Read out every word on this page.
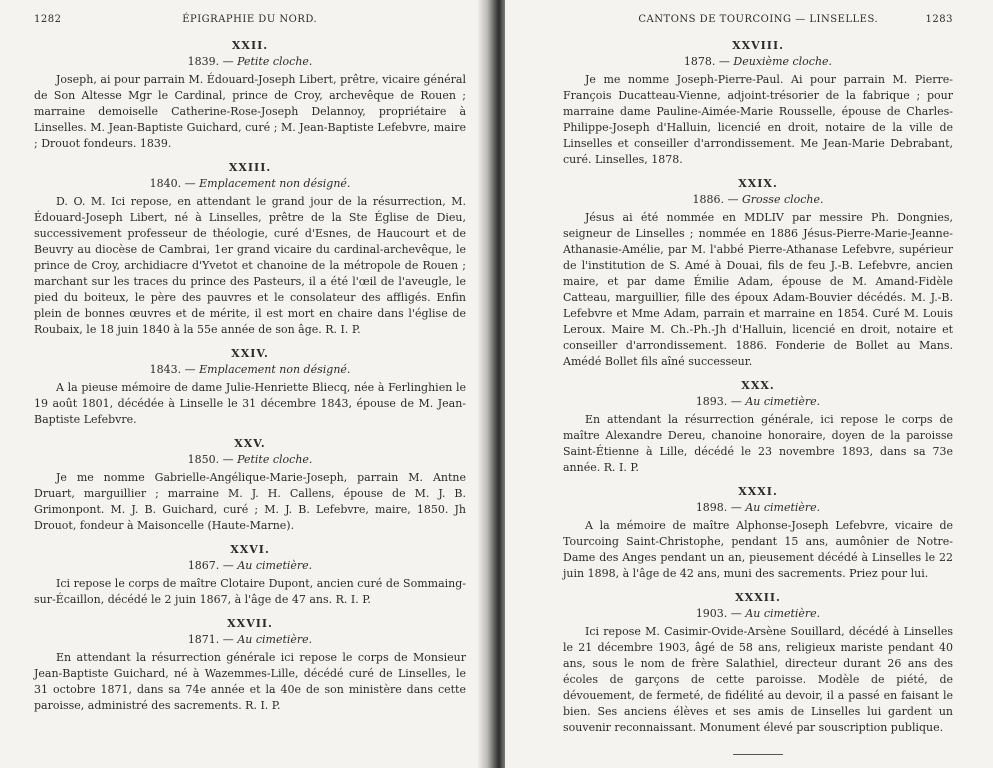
1282	ÉPIGRAPHIE DU NORD.
XXII.
1839. — Petite cloche.

Joseph, ai pour parrain M. Édouard-Joseph Libert, prêtre, vicaire général de Son Altesse Mgr le Cardinal, prince de Croy, archevêque de Rouen ; marraine demoiselle Catherine-Rose-Joseph Delannoy, propriétaire à Linselles. M. Jean-Baptiste Guichard, curé ; M. Jean-Baptiste Lefebvre, maire ; Drouot fondeurs. 1839.

XXIII.
1840. — Emplacement non désigné.

D. O. M. Ici repose, en attendant le grand jour de la résurrection, M. Édouard-Joseph Libert, né à Linselles, prêtre de la Ste Église de Dieu, successivement professeur de théologie, curé d'Esnes, de Haucourt et de Beuvry au diocèse de Cambrai, 1er grand vicaire du cardinal-archevêque, le prince de Croy, archidiacre d'Yvetot et chanoine de la métropole de Rouen ; marchant sur les traces du prince des Pasteurs, il a été l'œil de l'aveugle, le pied du boiteux, le père des pauvres et le consolateur des affligés. Enfin plein de bonnes œuvres et de mérite, il est mort en chaire dans l'église de Roubaix, le 18 juin 1840 à la 55e année de son âge. R. I. P.

XXIV.
1843. — Emplacement non désigné.

A la pieuse mémoire de dame Julie-Henriette Bliecq, née à Ferlinghien le 19 août 1801, décédée à Linselle le 31 décembre 1843, épouse de M. Jean-Baptiste Lefebvre.

XXV.
1850. — Petite cloche.

Je me nomme Gabrielle-Angélique-Marie-Joseph, parrain M. Antne Druart, marguillier ; marraine M. J. H. Callens, épouse de M. J. B. Grimonpont. M. J. B. Guichard, curé ; M. J. B. Lefebvre, maire, 1850. Jh Drouot, fondeur à Maisoncelle (Haute-Marne).

XXVI.
1867. — Au cimetière.

Ici repose le corps de maître Clotaire Dupont, ancien curé de Sommaing-sur-Écaillon, décédé le 2 juin 1867, à l'âge de 47 ans. R. I. P.

XXVII.
1871. — Au cimetière.

En attendant la résurrection générale ici repose le corps de Monsieur Jean-Baptiste Guichard, né à Wazemmes-Lille, décédé curé de Linselles, le 31 octobre 1871, dans sa 74e année et la 40e de son ministère dans cette paroisse, administré des sacrements. R. I. P.

CANTONS DE TOURCOING — LINSELLES.	1283
XXVIII.
1878. — Deuxième cloche.

Je me nomme Joseph-Pierre-Paul. Ai pour parrain M. Pierre-François Ducatteau-Vienne, adjoint-trésorier de la fabrique ; pour marraine dame Pauline-Aimée-Marie Rousselle, épouse de Charles-Philippe-Joseph d'Halluin, licencié en droit, notaire de la ville de Linselles et conseiller d'arrondissement. Me Jean-Marie Debrabant, curé. Linselles, 1878.

XXIX.
1886. — Grosse cloche.

Jésus ai été nommée en MDLIV par messire Ph. Dongnies, seigneur de Linselles ; nommée en 1886 Jésus-Pierre-Marie-Jeanne-Athanasie-Amélie, par M. l'abbé Pierre-Athanase Lefebvre, supérieur de l'institution de S. Amé à Douai, fils de feu J.-B. Lefebvre, ancien maire, et par dame Émilie Adam, épouse de M. Amand-Fidèle Catteau, marguillier, fille des époux Adam-Bouvier décédés. M. J.-B. Lefebvre et Mme Adam, parrain et marraine en 1854. Curé M. Louis Leroux. Maire M. Ch.-Ph.-Jh d'Halluin, licencié en droit, notaire et conseiller d'arrondissement. 1886. Fonderie de Bollet au Mans. Amédé Bollet fils aîné successeur.

XXX.
1893. — Au cimetière.

En attendant la résurrection générale, ici repose le corps de maître Alexandre Dereu, chanoine honoraire, doyen de la paroisse Saint-Étienne à Lille, décédé le 23 novembre 1893, dans sa 73e année. R. I. P.

XXXI.
1898. — Au cimetière.

A la mémoire de maître Alphonse-Joseph Lefebvre, vicaire de Tourcoing Saint-Christophe, pendant 15 ans, aumônier de Notre-Dame des Anges pendant un an, pieusement décédé à Linselles le 22 juin 1898, à l'âge de 42 ans, muni des sacrements. Priez pour lui.

XXXII.
1903. — Au cimetière.

Ici repose M. Casimir-Ovide-Arsène Souillard, décédé à Linselles le 21 décembre 1903, âgé de 58 ans, religieux mariste pendant 40 ans, sous le nom de frère Salathiel, directeur durant 26 ans des écoles de garçons de cette paroisse. Modèle de piété, de dévouement, de fermeté, de fidélité au devoir, il a passé en faisant le bien. Ses anciens élèves et ses amis de Linselles lui gardent un souvenir reconnaissant. Monument élevé par souscription publique.
